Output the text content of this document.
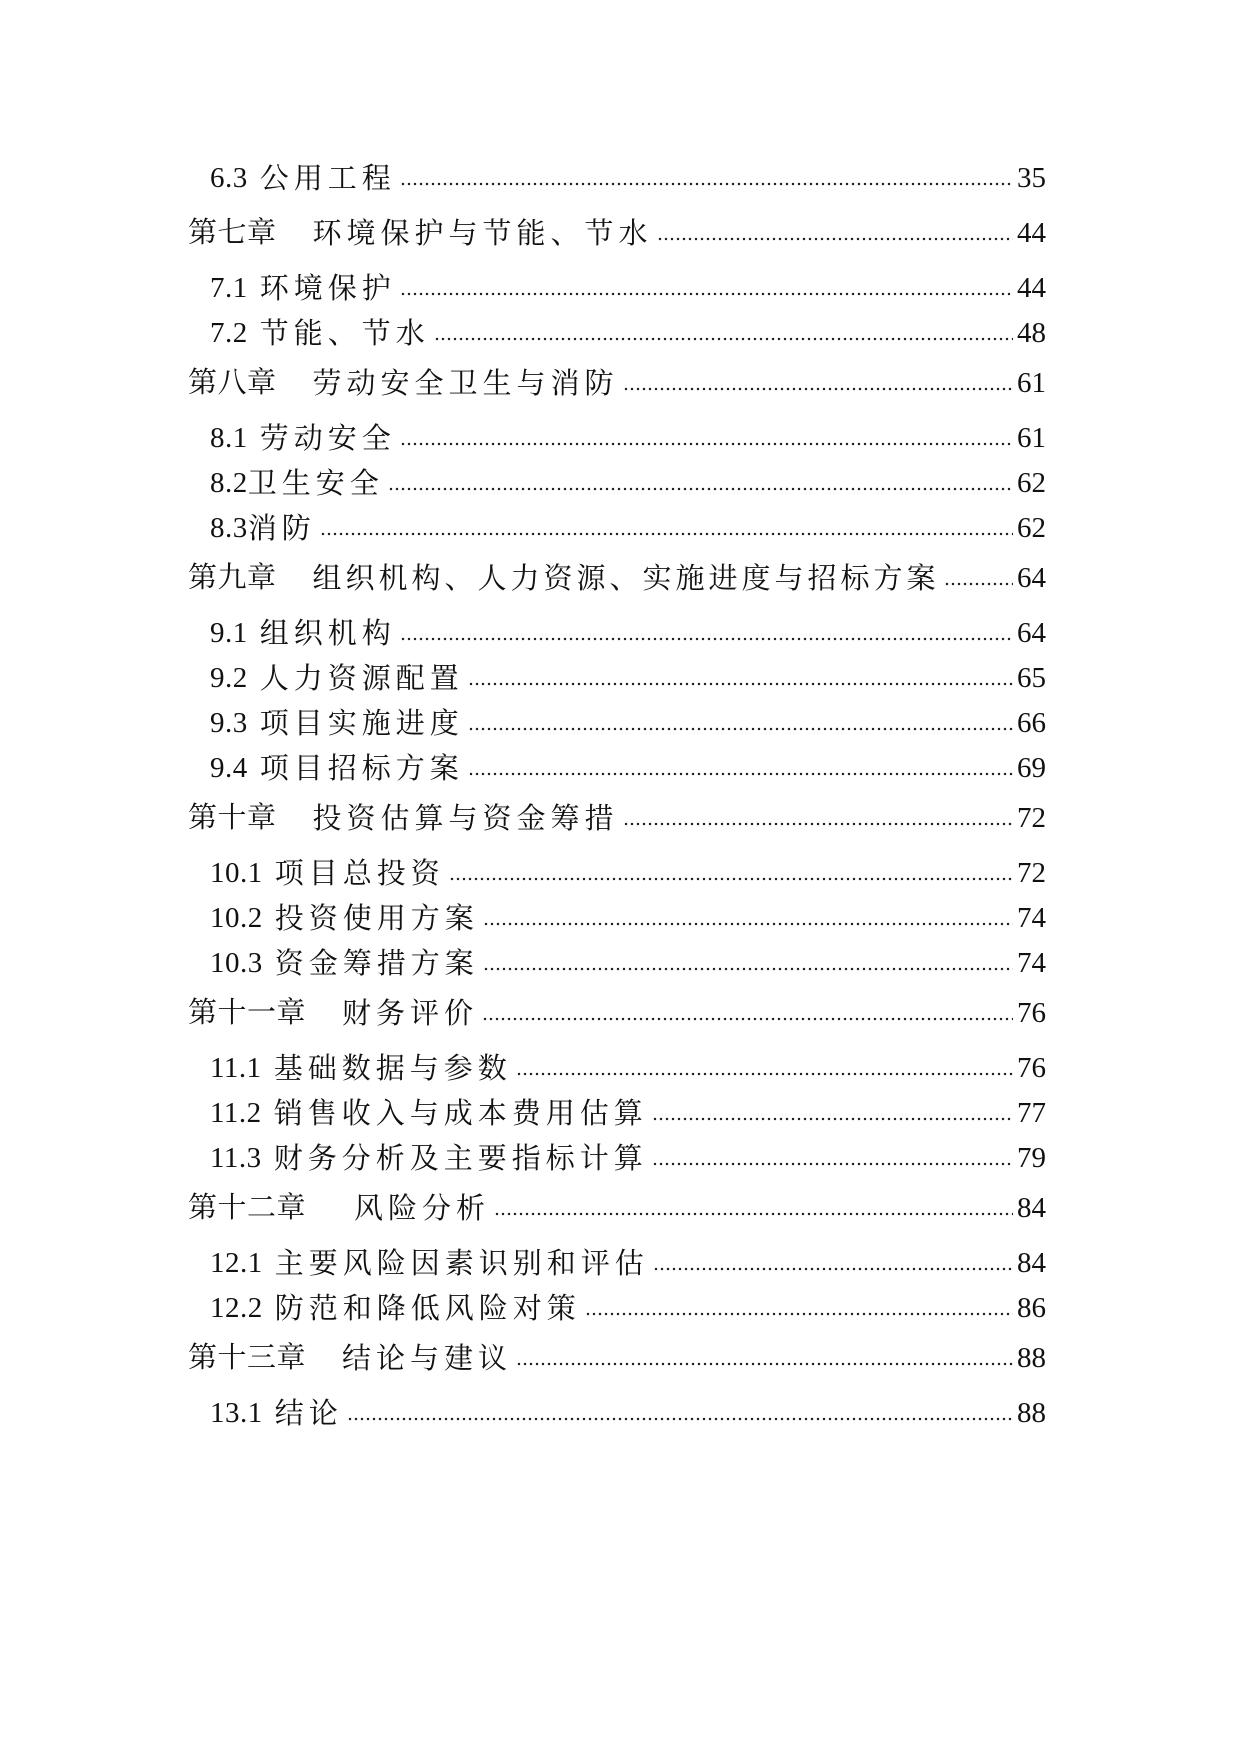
6.3 公用工程	35
第七章 环境保护与节能、节水	44
7.1 环境保护	44
7.2 节能、节水	48
第八章 劳动安全卫生与消防	61
8.1 劳动安全	61
8.2 卫生安全	62
8.3 消防	62
第九章 组织机构、人力资源、实施进度与招标方案	64
9.1 组织机构	64
9.2 人力资源配置	65
9.3 项目实施进度	66
9.4 项目招标方案	69
第十章 投资估算与资金筹措	72
10.1 项目总投资	72
10.2 投资使用方案	74
10.3 资金筹措方案	74
第十一章 财务评价	76
11.1 基础数据与参数	76
11.2 销售收入与成本费用估算	77
11.3 财务分析及主要指标计算	79
第十二章 风险分析	84
12.1 主要风险因素识别和评估	84
12.2 防范和降低风险对策	86
第十三章 结论与建议	88
13.1 结论	88
